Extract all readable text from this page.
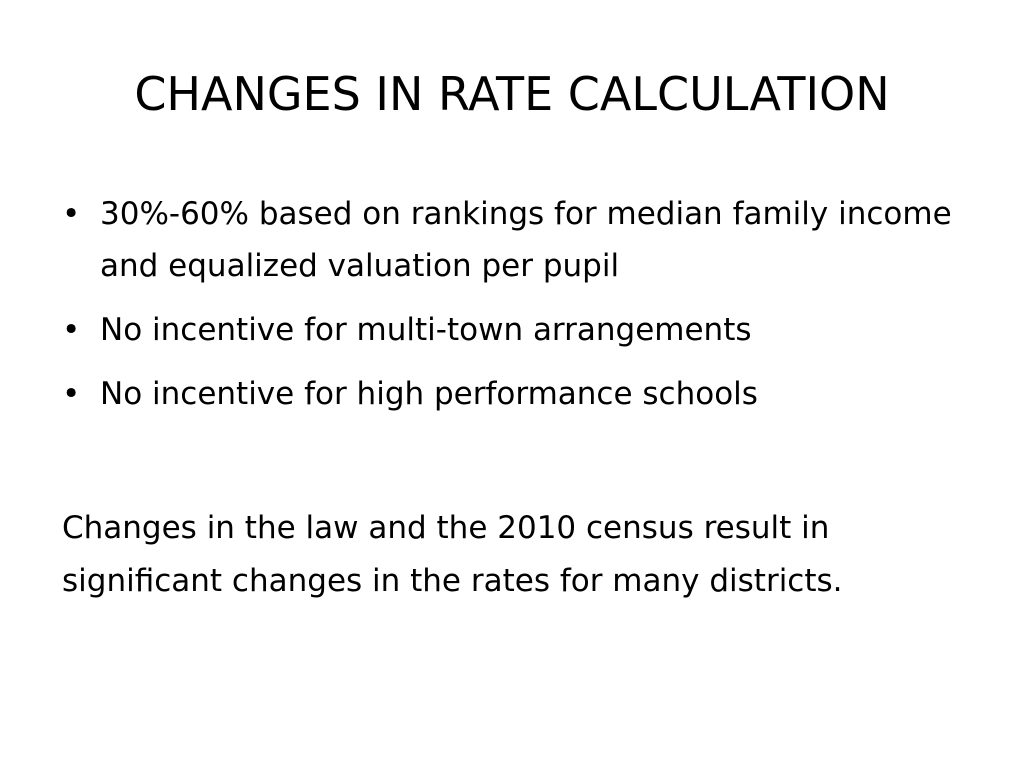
CHANGES IN RATE CALCULATION
• 30%-60% based on rankings for median family income and equalized valuation per pupil
• No incentive for multi-town arrangements
• No incentive for high performance schools

Changes in the law and the 2010 census result in significant changes in the rates for many districts.
